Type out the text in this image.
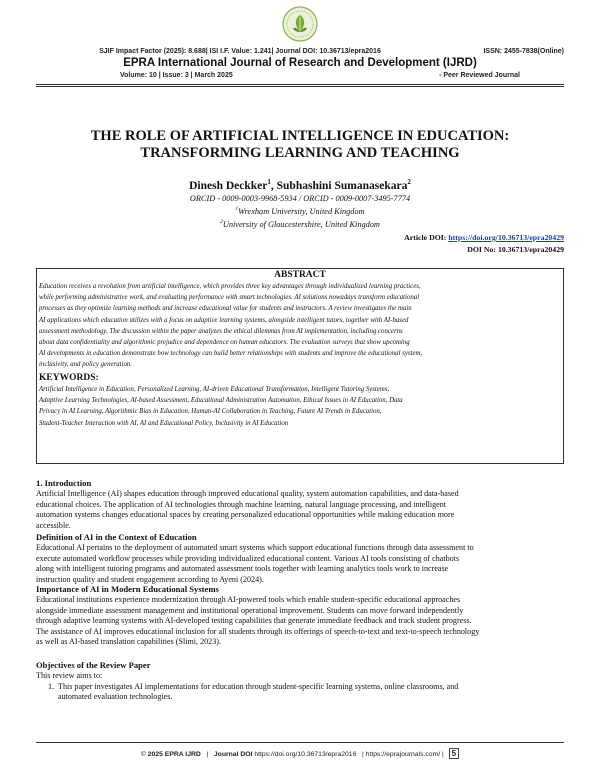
SJIF Impact Factor (2025): 8.688| ISI I.F. Value: 1.241| Journal DOI: 10.36713/epra2016	ISSN: 2455-7838(Online)
EPRA International Journal of Research and Development (IJRD)
Volume: 10 | Issue: 3 | March 2025	- Peer Reviewed Journal
THE ROLE OF ARTIFICIAL INTELLIGENCE IN EDUCATION:
TRANSFORMING LEARNING AND TEACHING
Dinesh Deckker$^1$, Subhashini Sumanasekara$^2$
ORCID - 0009-0003-9968-5934 / ORCID - 0009-0007-3495-7774
$^1$Wrexham University, United Kingdom
$^2$University of Gloucestershire, United Kingdom
Article DOI: https://doi.org/10.36713/epra20429
DOI No: 10.36713/epra20429
ABSTRACT
Education receives a revolution from artificial intelligence, which provides three key advantages through individualized learning practices,
while performing administrative work, and evaluating performance with smart technologies. AI solutions nowadays transform educational
processes as they optimize learning methods and increase educational value for students and instructors. A review investigates the main
AI applications which education utilizes with a focus on adaptive learning systems, alongside intelligent tutors, together with AI-based
assessment methodology. The discussion within the paper analyzes the ethical dilemmas from AI implementation, including concerns
about data confidentiality and algorithmic prejudice and dependence on human educators. The evaluation surveys that show upcoming
AI developments in education demonstrate how technology can build better relationships with students and improve the educational system,
inclusivity, and policy generation.
KEYWORDS:
Artificial Intelligence in Education, Personalized Learning, AI-driven Educational Transformation, Intelligent Tutoring Systems,
Adaptive Learning Technologies, AI-based Assessment, Educational Administration Automation, Ethical Issues in AI Education, Data
Privacy in AI Learning, Algorithmic Bias in Education, Human-AI Collaboration in Teaching, Future AI Trends in Education,
Student-Teacher Interaction with AI, AI and Educational Policy, Inclusivity in AI Education
1. Introduction
Artificial Intelligence (AI) shapes education through improved educational quality, system automation capabilities, and data-based
educational choices. The application of AI technologies through machine learning, natural language processing, and intelligent
automation systems changes educational spaces by creating personalized educational opportunities while making education more
accessible.
Definition of AI in the Context of Education
Educational AI pertains to the deployment of automated smart systems which support educational functions through data assessment to
execute automated workflow processes while providing individualized educational content. Various AI tools consisting of chatbots
along with intelligent tutoring programs and automated assessment tools together with learning analytics tools work to increase
instruction quality and student engagement according to Ayeni (2024).
Importance of AI in Modern Educational Systems
Educational institutions experience modernization through AI-powered tools which enable student-specific educational approaches
alongside immediate assessment management and institutional operational improvement. Students can move forward independently
through adaptive learning systems with AI-developed testing capabilities that generate immediate feedback and track student progress.
The assistance of AI improves educational inclusion for all students through its offerings of speech-to-text and text-to-speech technology
as well as AI-based translation capabilities (Slimi, 2023).
Objectives of the Review Paper
This review aims to:
1. This paper investigates AI implementations for education through student-specific learning systems, online classrooms, and
automated evaluation technologies.
© 2025 EPRA IJRD | Journal DOI https://doi.org/10.36713/epra2016 | https://eprajournals.com/ | 5
